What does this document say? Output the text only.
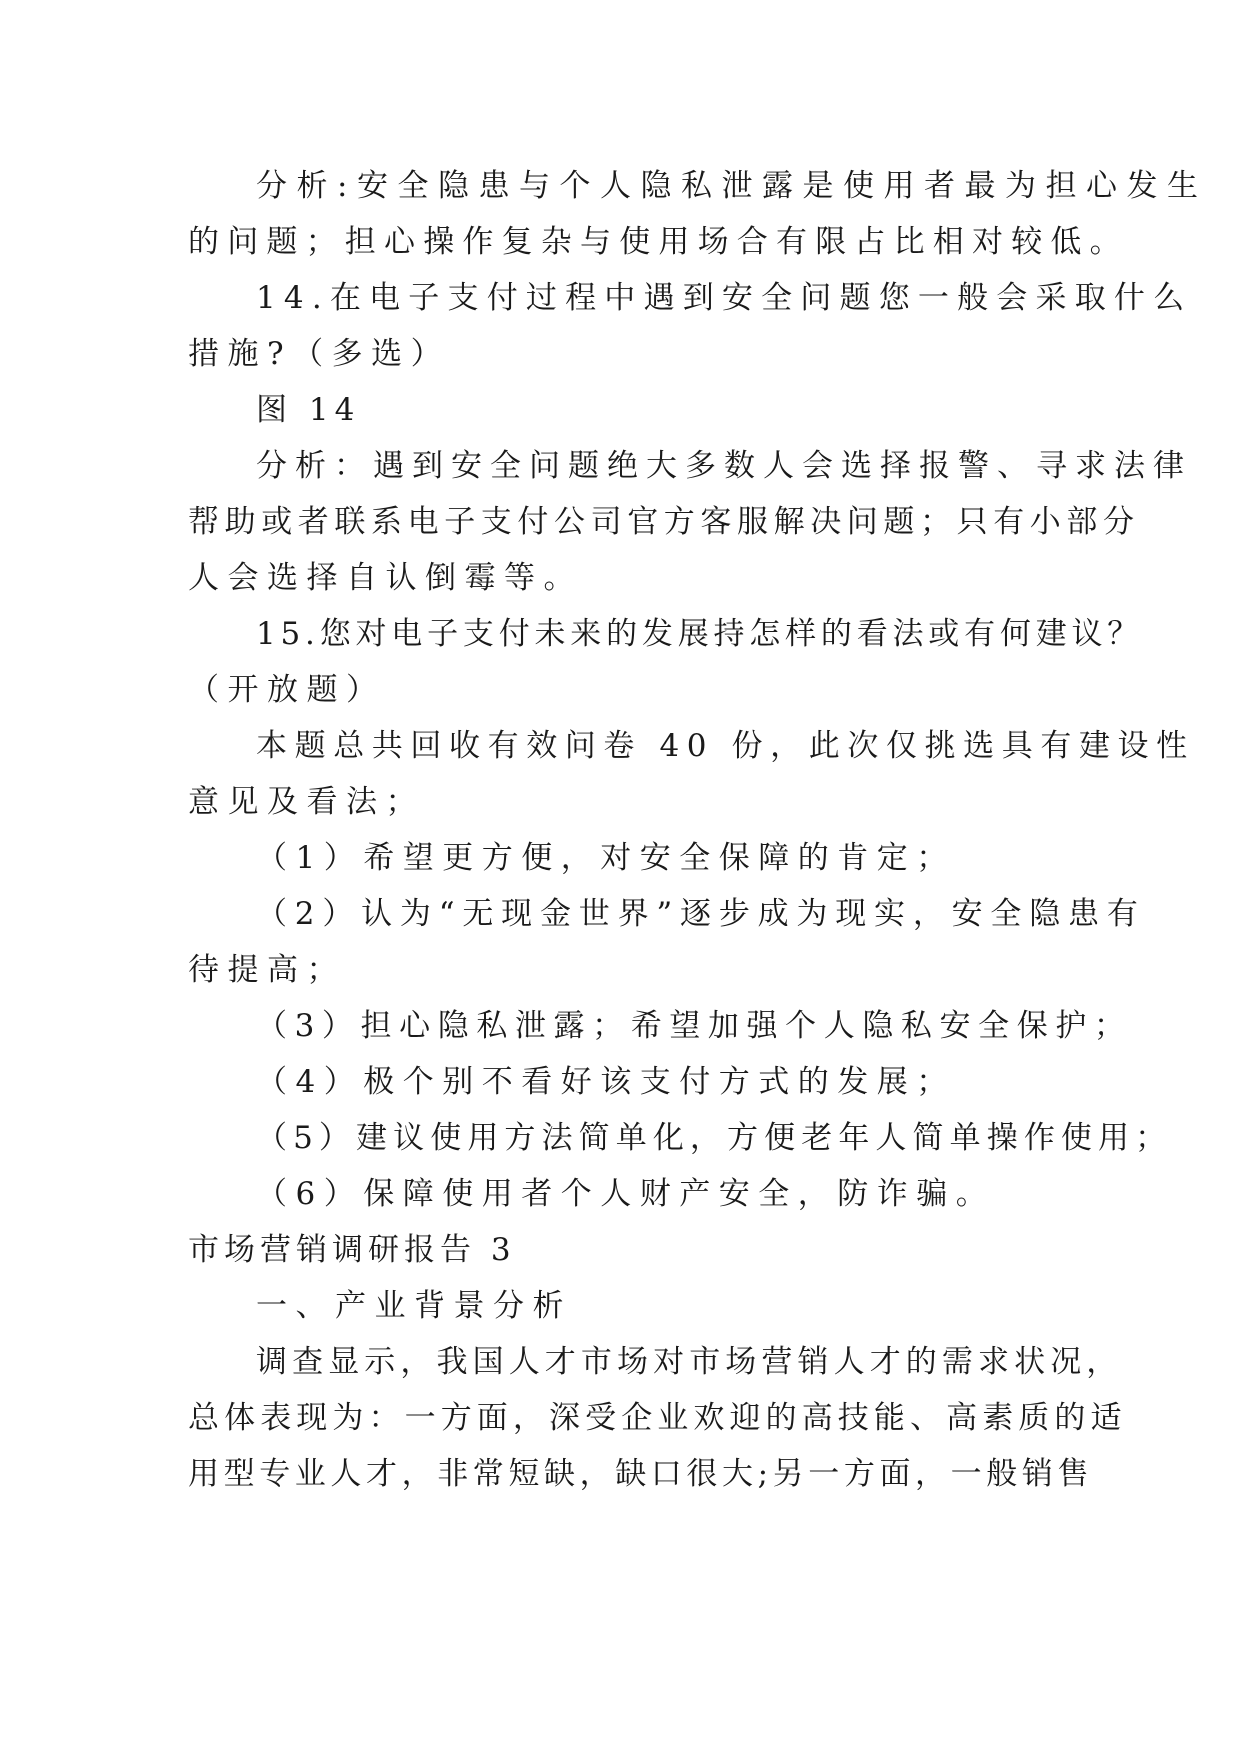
分析:安全隐患与个人隐私泄露是使用者最为担心发生

的问题；担心操作复杂与使用场合有限占比相对较低。

14.在电子支付过程中遇到安全问题您一般会采取什么

措施?（多选）

图 14

分析：遇到安全问题绝大多数人会选择报警、寻求法律

帮助或者联系电子支付公司官方客服解决问题；只有小部分

人会选择自认倒霉等。

15.您对电子支付未来的发展持怎样的看法或有何建议？

（开放题）

本题总共回收有效问卷 40 份，此次仅挑选具有建设性

意见及看法；

（1）希望更方便，对安全保障的肯定；

（2）认为“无现金世界”逐步成为现实，安全隐患有

待提高；

（3）担心隐私泄露；希望加强个人隐私安全保护；

（4）极个别不看好该支付方式的发展；

（5）建议使用方法简单化，方便老年人简单操作使用；

（6）保障使用者个人财产安全，防诈骗。

市场营销调研报告 3

一、产业背景分析

调查显示，我国人才市场对市场营销人才的需求状况，

总体表现为：一方面，深受企业欢迎的高技能、高素质的适

用型专业人才，非常短缺，缺口很大;另一方面，一般销售
